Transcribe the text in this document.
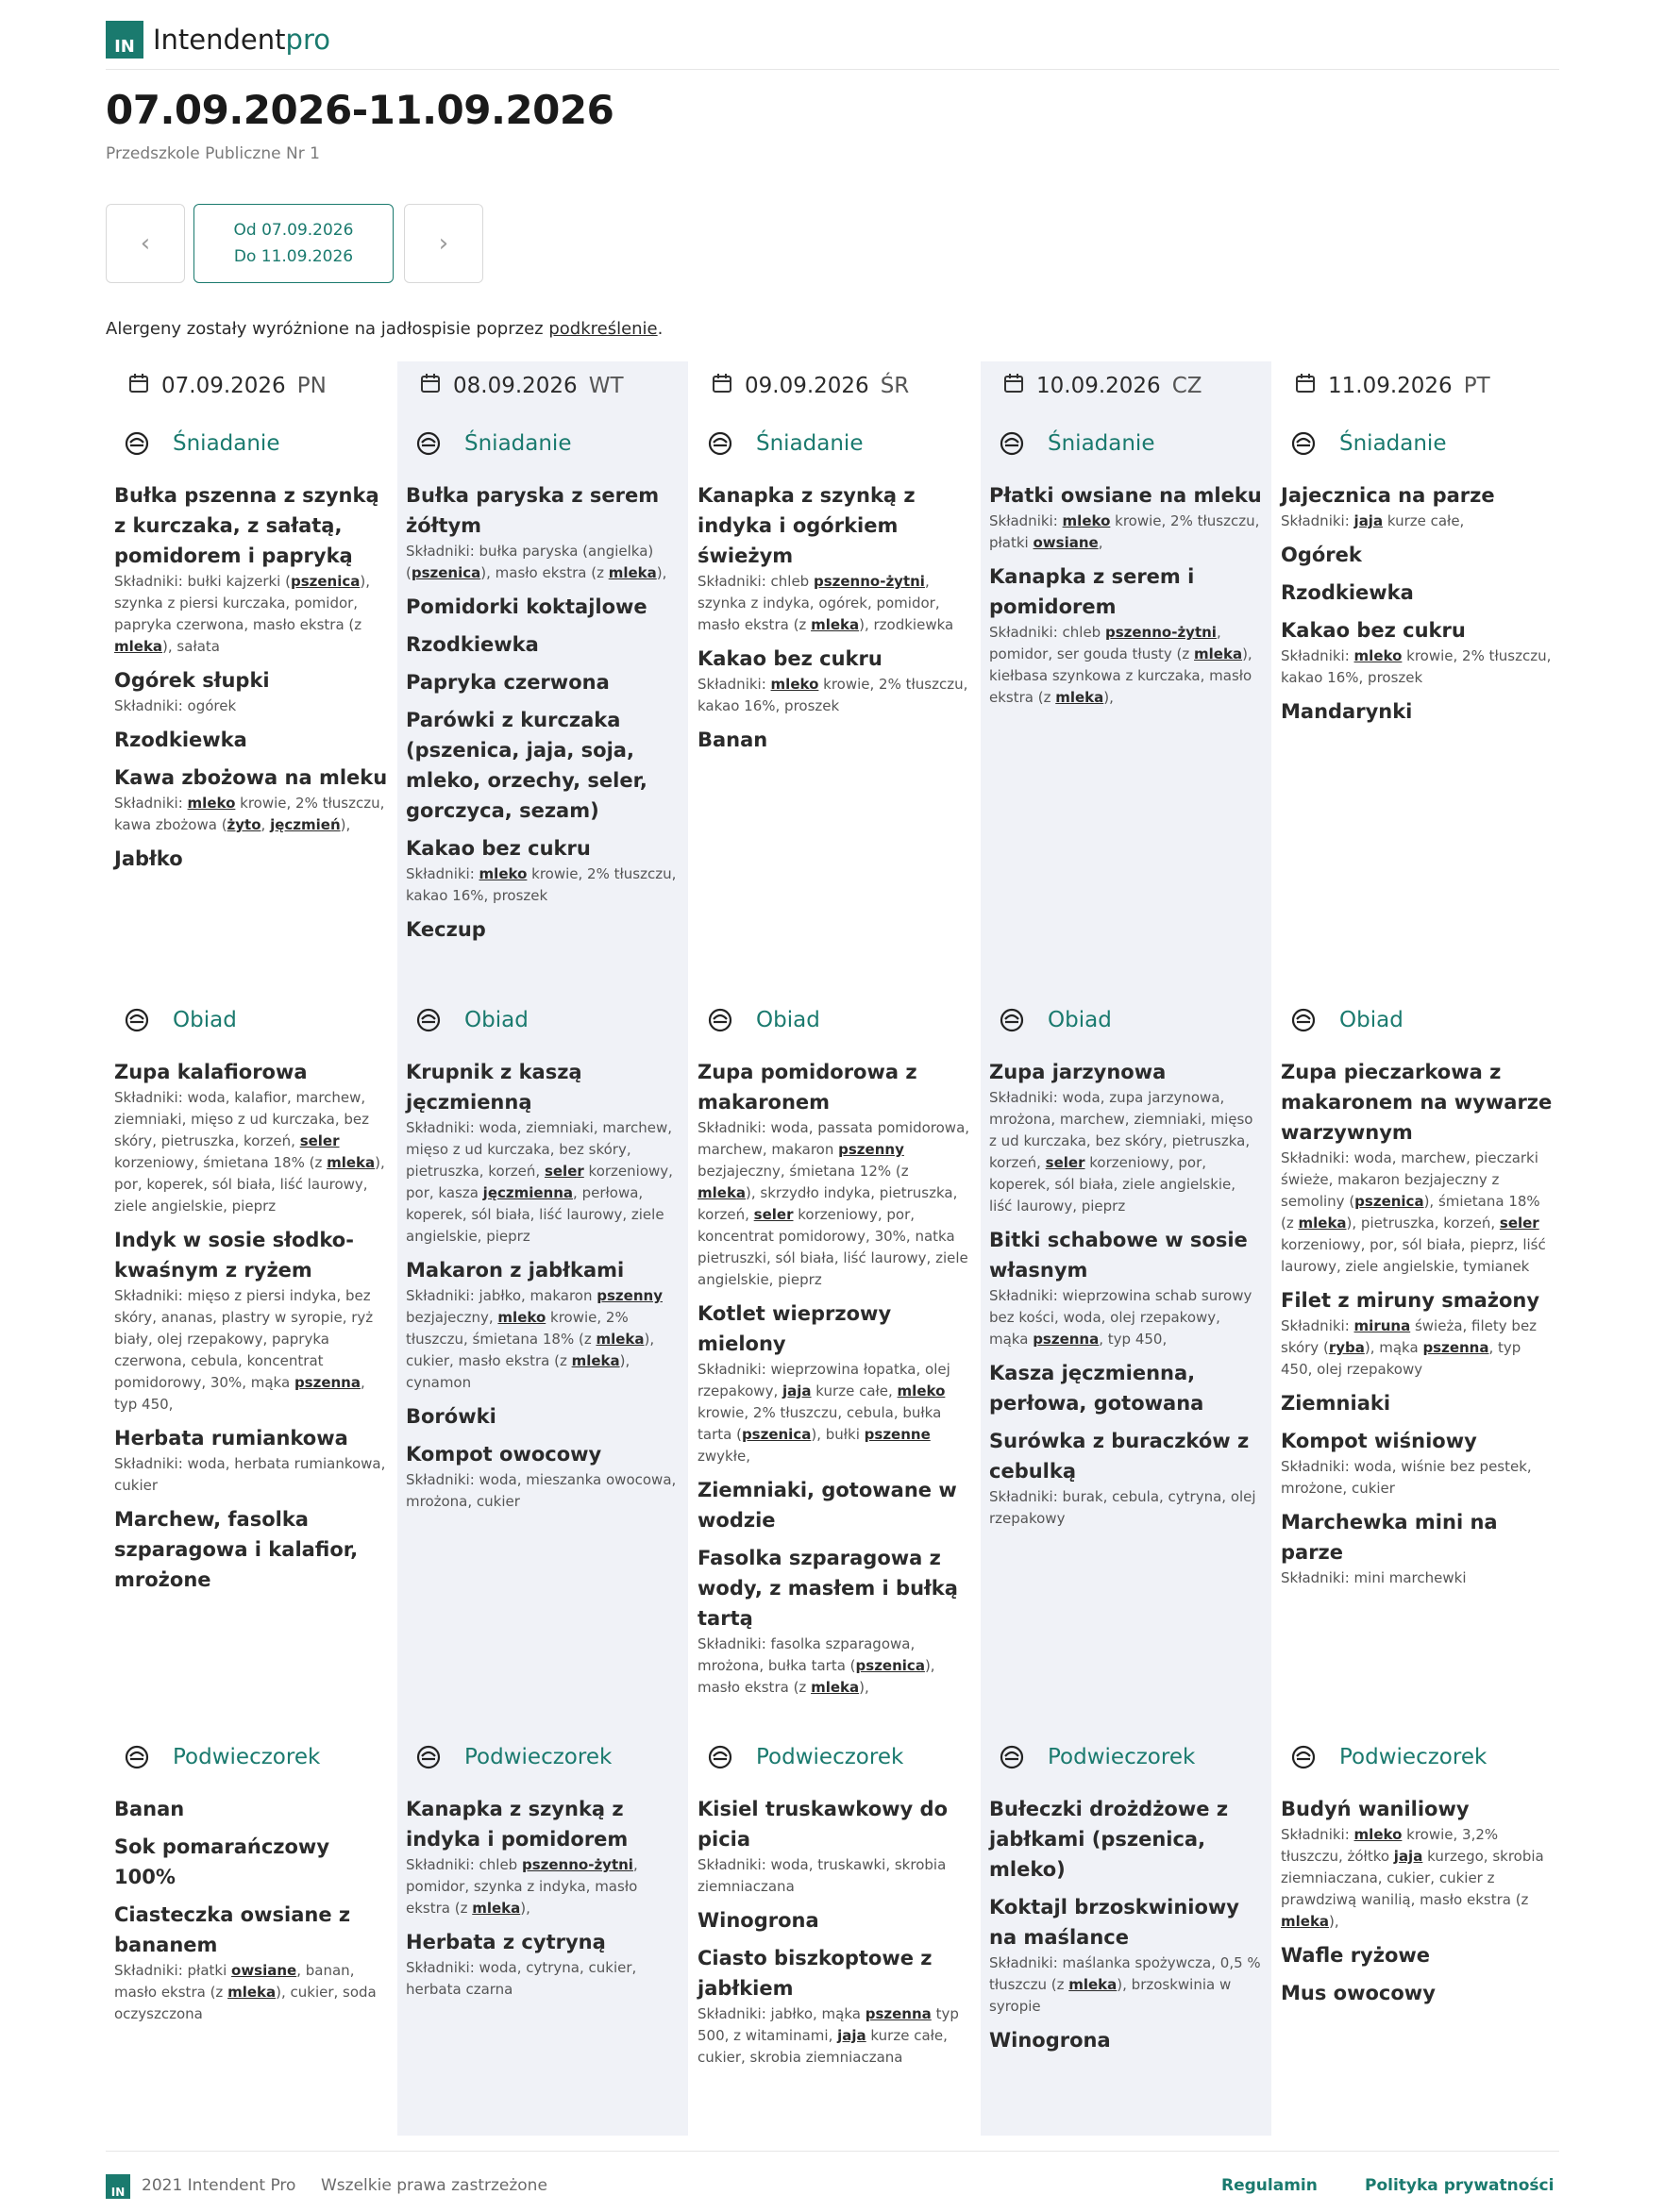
IN Intendentpro
07.09.2026-11.09.2026
Przedszkole Publiczne Nr 1
‹	Od 07.09.2026
Do 11.09.2026	›
Alergeny zostały wyróżnione na jadłospisie poprzez podkreślenie.
07.09.2026 PN
Śniadanie
Bułka pszenna z szynką z kurczaka, z sałatą, pomidorem i papryką
Składniki: bułki kajzerki (pszenica), szynka z piersi kurczaka, pomidor, papryka czerwona, masło ekstra (z mleka), sałata
Ogórek słupki
Składniki: ogórek
Rzodkiewka
Kawa zbożowa na mleku
Składniki: mleko krowie, 2% tłuszczu, kawa zbożowa (żyto, jęczmień),
Jabłko
Obiad
Zupa kalafiorowa
Składniki: woda, kalafior, marchew, ziemniaki, mięso z ud kurczaka, bez skóry, pietruszka, korzeń, seler korzeniowy, śmietana 18% (z mleka), por, koperek, sól biała, liść laurowy, ziele angielskie, pieprz
Indyk w sosie słodko-kwaśnym z ryżem
Składniki: mięso z piersi indyka, bez skóry, ananas, plastry w syropie, ryż biały, olej rzepakowy, papryka czerwona, cebula, koncentrat pomidorowy, 30%, mąka pszenna, typ 450,
Herbata rumiankowa
Składniki: woda, herbata rumiankowa, cukier
Marchew, fasolka szparagowa i kalafior, mrożone
Podwieczorek
Banan
Sok pomarańczowy 100%
Ciasteczka owsiane z bananem
Składniki: płatki owsiane, banan, masło ekstra (z mleka), cukier, soda oczyszczona
08.09.2026 WT
Śniadanie
Bułka paryska z serem żółtym
Składniki: bułka paryska (angielka) (pszenica), masło ekstra (z mleka),
Pomidorki koktajlowe
Rzodkiewka
Papryka czerwona
Parówki z kurczaka (pszenica, jaja, soja, mleko, orzechy, seler, gorczyca, sezam)
Kakao bez cukru
Składniki: mleko krowie, 2% tłuszczu, kakao 16%, proszek
Keczup
Obiad
Krupnik z kaszą jęczmienną
Składniki: woda, ziemniaki, marchew, mięso z ud kurczaka, bez skóry, pietruszka, korzeń, seler korzeniowy, por, kasza jęczmienna, perłowa, koperek, sól biała, liść laurowy, ziele angielskie, pieprz
Makaron z jabłkami
Składniki: jabłko, makaron pszenny bezjajeczny, mleko krowie, 2% tłuszczu, śmietana 18% (z mleka), cukier, masło ekstra (z mleka), cynamon
Borówki
Kompot owocowy
Składniki: woda, mieszanka owocowa, mrożona, cukier
Podwieczorek
Kanapka z szynką z indyka i pomidorem
Składniki: chleb pszenno-żytni, pomidor, szynka z indyka, masło ekstra (z mleka),
Herbata z cytryną
Składniki: woda, cytryna, cukier, herbata czarna
09.09.2026 ŚR
Śniadanie
Kanapka z szynką z indyka i ogórkiem świeżym
Składniki: chleb pszenno-żytni, szynka z indyka, ogórek, pomidor, masło ekstra (z mleka), rzodkiewka
Kakao bez cukru
Składniki: mleko krowie, 2% tłuszczu, kakao 16%, proszek
Banan
Obiad
Zupa pomidorowa z makaronem
Składniki: woda, passata pomidorowa, marchew, makaron pszenny bezjajeczny, śmietana 12% (z mleka), skrzydło indyka, pietruszka, korzeń, seler korzeniowy, por, koncentrat pomidorowy, 30%, natka pietruszki, sól biała, liść laurowy, ziele angielskie, pieprz
Kotlet wieprzowy mielony
Składniki: wieprzowina łopatka, olej rzepakowy, jaja kurze całe, mleko krowie, 2% tłuszczu, cebula, bułka tarta (pszenica), bułki pszenne zwykłe,
Ziemniaki, gotowane w wodzie
Fasolka szparagowa z wody, z masłem i bułką tartą
Składniki: fasolka szparagowa, mrożona, bułka tarta (pszenica), masło ekstra (z mleka),
Podwieczorek
Kisiel truskawkowy do picia
Składniki: woda, truskawki, skrobia ziemniaczana
Winogrona
Ciasto biszkoptowe z jabłkiem
Składniki: jabłko, mąka pszenna typ 500, z witaminami, jaja kurze całe, cukier, skrobia ziemniaczana
10.09.2026 CZ
Śniadanie
Płatki owsiane na mleku
Składniki: mleko krowie, 2% tłuszczu, płatki owsiane,
Kanapka z serem i pomidorem
Składniki: chleb pszenno-żytni, pomidor, ser gouda tłusty (z mleka), kiełbasa szynkowa z kurczaka, masło ekstra (z mleka),
Obiad
Zupa jarzynowa
Składniki: woda, zupa jarzynowa, mrożona, marchew, ziemniaki, mięso z ud kurczaka, bez skóry, pietruszka, korzeń, seler korzeniowy, por, koperek, sól biała, ziele angielskie, liść laurowy, pieprz
Bitki schabowe w sosie własnym
Składniki: wieprzowina schab surowy bez kości, woda, olej rzepakowy, mąka pszenna, typ 450,
Kasza jęczmienna, perłowa, gotowana
Surówka z buraczków z cebulką
Składniki: burak, cebula, cytryna, olej rzepakowy
Podwieczorek
Bułeczki drożdżowe z jabłkami (pszenica, mleko)
Koktajl brzoskwiniowy na maślance
Składniki: maślanka spożywcza, 0,5 % tłuszczu (z mleka), brzoskwinia w syropie
Winogrona
11.09.2026 PT
Śniadanie
Jajecznica na parze
Składniki: jaja kurze całe,
Ogórek
Rzodkiewka
Kakao bez cukru
Składniki: mleko krowie, 2% tłuszczu, kakao 16%, proszek
Mandarynki
Obiad
Zupa pieczarkowa z makaronem na wywarze warzywnym
Składniki: woda, marchew, pieczarki świeże, makaron bezjajeczny z semoliny (pszenica), śmietana 18% (z mleka), pietruszka, korzeń, seler korzeniowy, por, sól biała, pieprz, liść laurowy, ziele angielskie, tymianek
Filet z miruny smażony
Składniki: miruna świeża, filety bez skóry (ryba), mąka pszenna, typ 450, olej rzepakowy
Ziemniaki
Kompot wiśniowy
Składniki: woda, wiśnie bez pestek, mrożone, cukier
Marchewka mini na parze
Składniki: mini marchewki
Podwieczorek
Budyń waniliowy
Składniki: mleko krowie, 3,2% tłuszczu, żółtko jaja kurzego, skrobia ziemniaczana, cukier, cukier z prawdziwą wanilią, masło ekstra (z mleka),
Wafle ryżowe
Mus owocowy
IN	2021 Intendent Pro Wszelkie prawa zastrzeżone	Regulamin	Polityka prywatności
